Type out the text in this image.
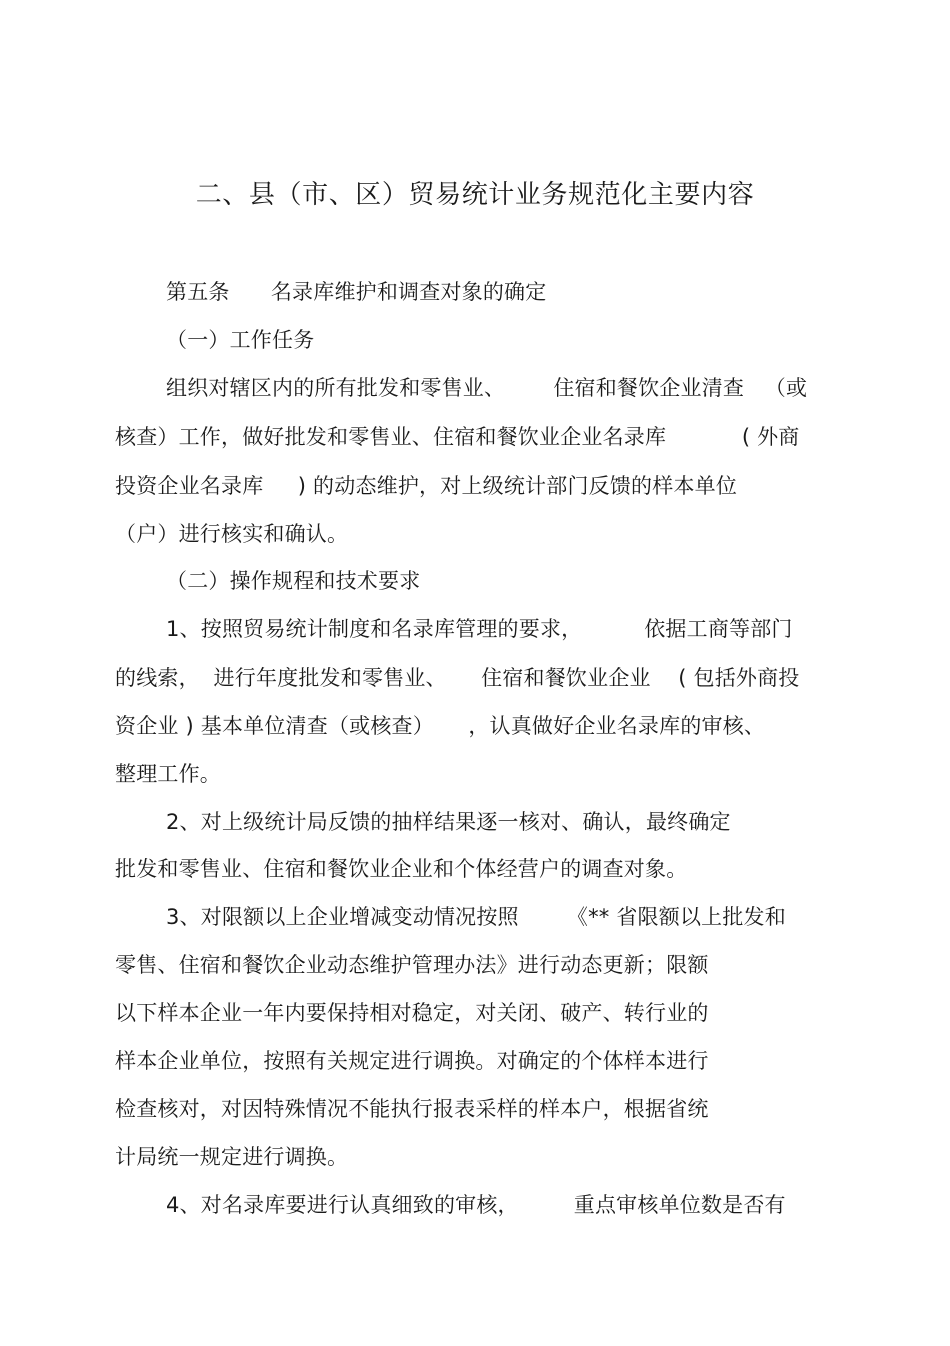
二、县（市、区）贸易统计业务规范化主要内容
第五条      名录库维护和调查对象的确定
（一）工作任务
组织对辖区内的所有批发和零售业、       住宿和餐饮企业清查   （或
核查）工作，做好批发和零售业、住宿和餐饮业企业名录库           ( 外商
投资企业名录库     ) 的动态维护，对上级统计部门反馈的样本单位
（户）进行核实和确认。
（二）操作规程和技术要求
1、按照贸易统计制度和名录库管理的要求，         依据工商等部门
的线索，  进行年度批发和零售业、     住宿和餐饮业企业    ( 包括外商投
资企业 ) 基本单位清查（或核查）     ，认真做好企业名录库的审核、
整理工作。
2、对上级统计局反馈的抽样结果逐一核对、确认，最终确定
批发和零售业、住宿和餐饮业企业和个体经营户的调查对象。
3、对限额以上企业增减变动情况按照       《** 省限额以上批发和
零售、住宿和餐饮企业动态维护管理办法》进行动态更新；限额
以下样本企业一年内要保持相对稳定，对关闭、破产、转行业的
样本企业单位，按照有关规定进行调换。对确定的个体样本进行
检查核对，对因特殊情况不能执行报表采样的样本户，根据省统
计局统一规定进行调换。
4、对名录库要进行认真细致的审核，        重点审核单位数是否有
